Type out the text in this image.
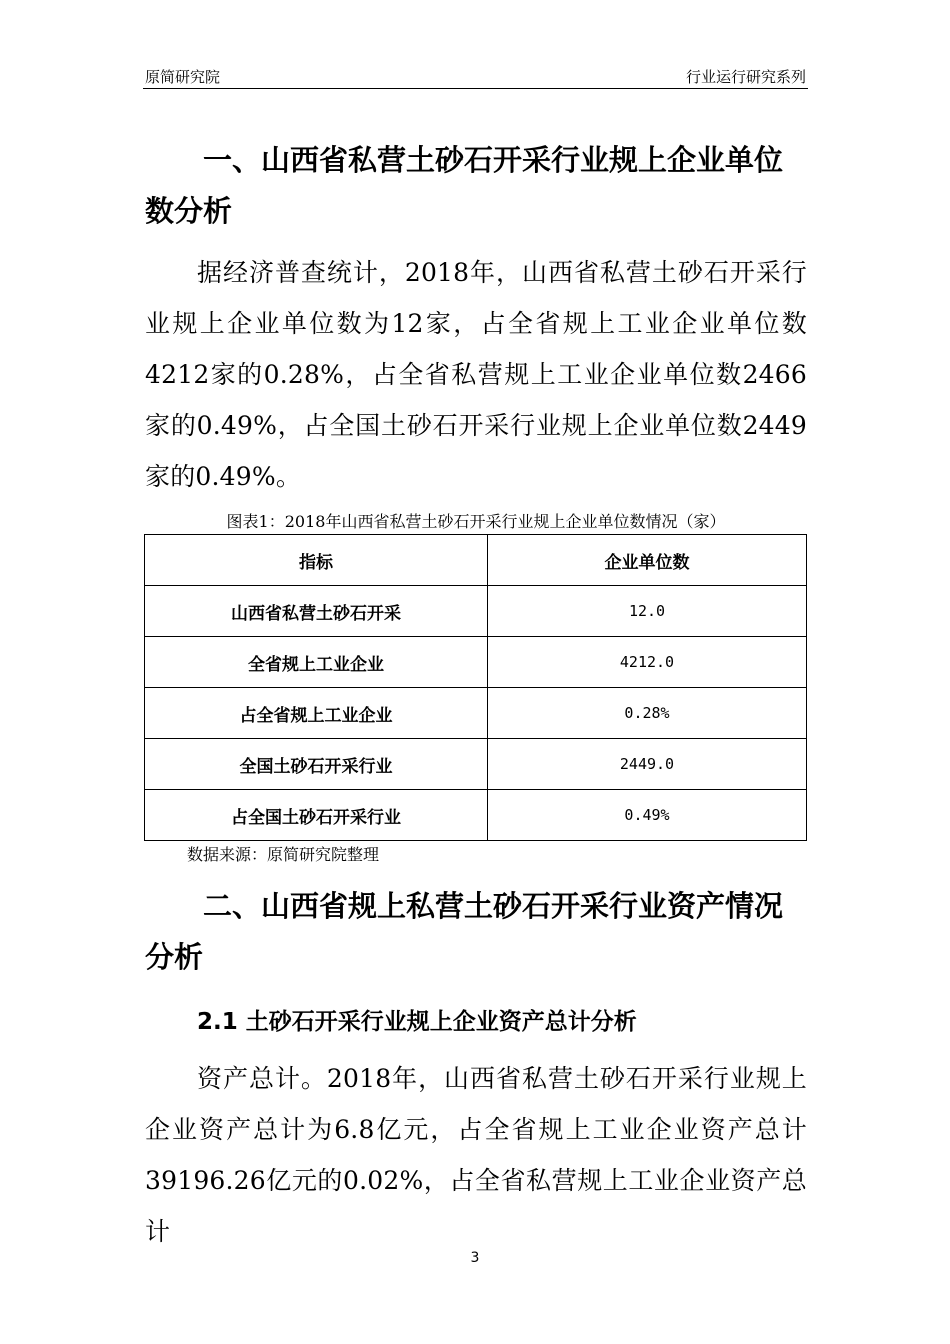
原简研究院	行业运行研究系列
一、山西省私营土砂石开采行业规上企业单位数分析

据经济普查统计，2018年，山西省私营土砂石开采行业规上企业单位数为12家，占全省规上工业企业单位数4212家的0.28%，占全省私营规上工业企业单位数2466家的0.49%，占全国土砂石开采行业规上企业单位数2449家的0.49%。

图表1：2018年山西省私营土砂石开采行业规上企业单位数情况（家）

指标	企业单位数
山西省私营土砂石开采	12.0
全省规上工业企业	4212.0
占全省规上工业企业	0.28%
全国土砂石开采行业	2449.0
占全国土砂石开采行业	0.49%

数据来源：原简研究院整理

二、山西省规上私营土砂石开采行业资产情况分析
2.1 土砂石开采行业规上企业资产总计分析

资产总计。2018年，山西省私营土砂石开采行业规上企业资产总计为6.8亿元，占全省规上工业企业资产总计39196.26亿元的0.02%，占全省私营规上工业企业资产总计

3
